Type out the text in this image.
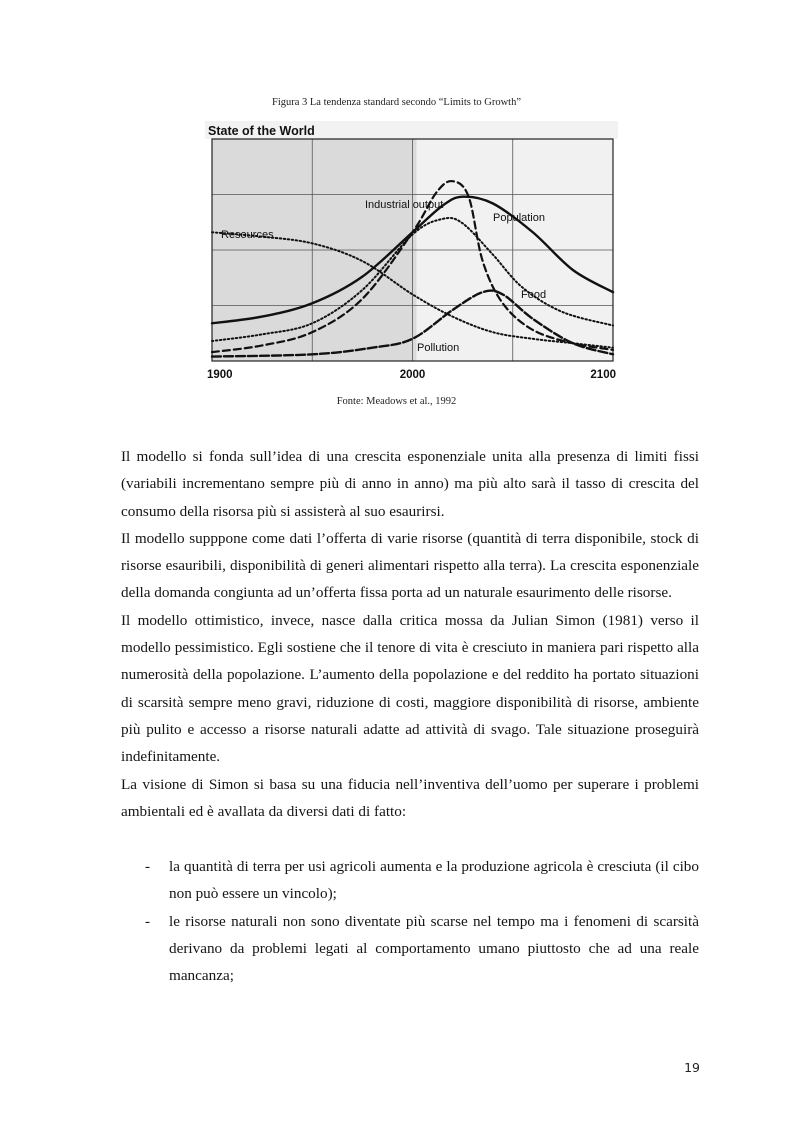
Figura 3 La tendenza standard secondo “Limits to Growth”
State of the World
1900	2000	2100
Industrial output
Population
Resources
Food
Pollution
Fonte: Meadows et al., 1992

Il modello si fonda sull’idea di una crescita esponenziale unita alla presenza di limiti fissi (variabili incrementano sempre più di anno in anno) ma più alto sarà il tasso di crescita del consumo della risorsa più si assisterà al suo esaurirsi.

Il modello supppone come dati l’offerta di varie risorse (quantità di terra disponibile, stock di risorse esauribili, disponibilità di generi alimentari rispetto alla terra). La crescita esponenziale della domanda congiunta ad un’offerta fissa porta ad un naturale esaurimento delle risorse.

Il modello ottimistico, invece, nasce dalla critica mossa da Julian Simon (1981) verso il modello pessimistico. Egli sostiene che il tenore di vita è cresciuto in maniera pari rispetto alla numerosità della popolazione. L’aumento della popolazione e del reddito ha portato situazioni di scarsità sempre meno gravi, riduzione di costi, maggiore disponibilità di risorse, ambiente più pulito e accesso a risorse naturali adatte ad attività di svago. Tale situazione proseguirà indefinitamente.

La visione di Simon si basa su una fiducia nell’inventiva dell’uomo per superare i problemi ambientali ed è avallata da diversi dati di fatto:

- la quantità di terra per usi agricoli aumenta e la produzione agricola è cresciuta (il cibo non può essere un vincolo);
- le risorse naturali non sono diventate più scarse nel tempo ma i fenomeni di scarsità derivano da problemi legati al comportamento umano piuttosto che ad una reale mancanza;
19
